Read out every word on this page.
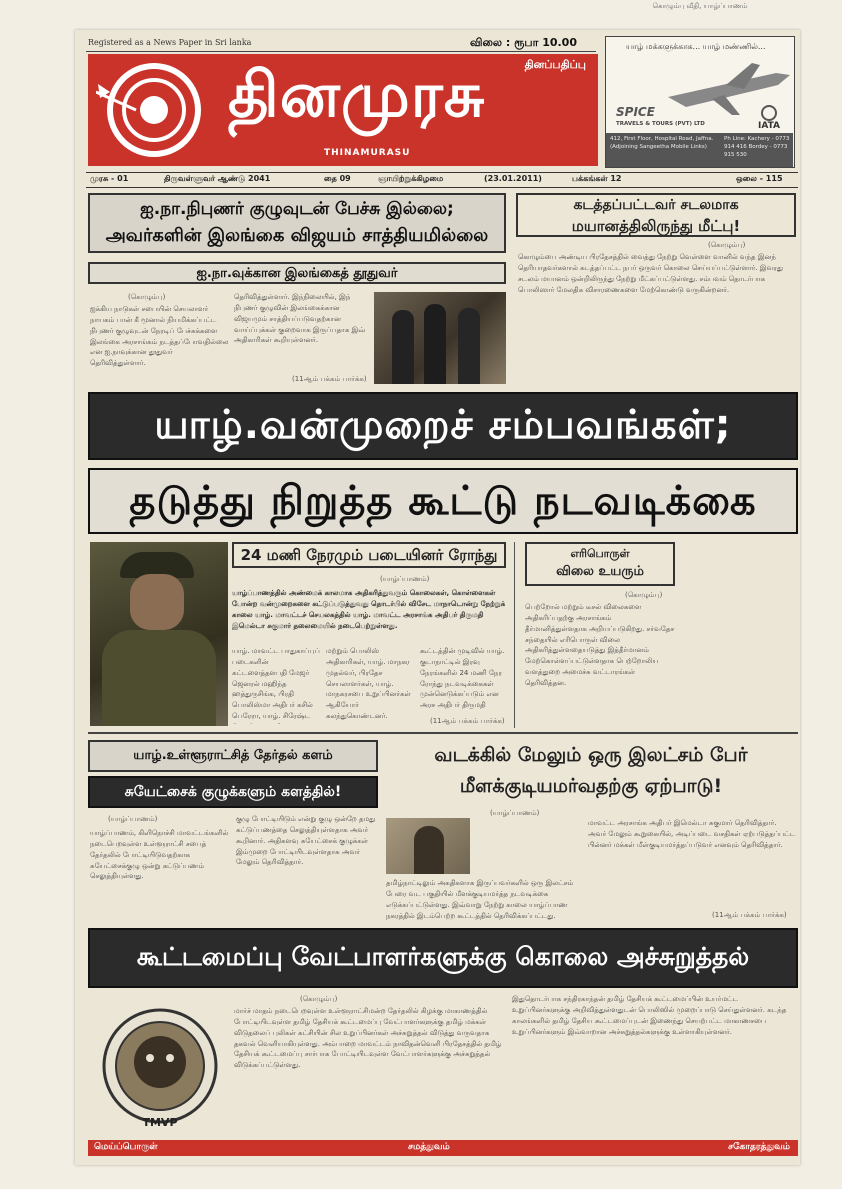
கொழும்பு வீதி, யாழ்ப்பாணம்
Registered as a News Paper in Sri lanka	விலை : ரூபா 10.00
தினப்பதிப்பு
தினமுரசு
THINAMURASU
யாழ் மக்களுக்காக... யாழ் மண்ணில்...
SPICE
TRAVELS & TOURS (PVT) LTD	IATA
412, First Floor, Hospital Road, Jaffna. (Adjoining Sangeetha Mobile Links)
Ph Line: Kachery - 0773 914 416 Bordey - 0773 915 530
முரசு - 01	திருவள்ளுவர் ஆண்டு 2041	தை 09	ஞாயிற்றுக்கிழமை	(23.01.2011)	பக்கங்கள் 12	ஒலை - 115
ஐ.நா.நிபுணர் குழுவுடன் பேச்சு இல்லை;
அவர்களின் இலங்கை விஜயம் சாத்தியமில்லை
ஐ.நா.வுக்கான இலங்கைத் தூதுவர்
(கொழும்பு)
ஐக்கிய நாடுகள் சபையின் செயலாளர் நாயகம் பான் கீ மூனால் நியமிக்கப்பட்ட நிபுணர் குழுவுடன் நேரடிப் பேச்சுக்களை இலங்கை அரசாங்கம் நடத்தப்போவதில்லை என ஐ.நாவுக்கான தூதுவர் தெரிவித்துள்ளார்.
தெரிவித்துள்ளார். இந்நிலையில், இந் நிபுணர் குழுவின் இலங்கைக்கான விஜயமும் சாத்தியப்படுவதற்கான வாய்ப்புக்கள் குறைவாக இருப்பதாக இவ் அதிகாரிகள் கூறியுள்ளனர்.
(11ஆம் பக்கம் பார்க்க)
கடத்தப்பட்டவர் சடலமாக
மயானத்திலிருந்து மீட்பு!
(கொழும்பு)
கொழும்பை அண்டிய பிரதேசத்தில் வைத்து நேற்று வெள்ளை வானில் வந்த இனந் தெரியாதவர்களால் கடத்தப்பட்ட நபர் ஒருவர் கொலை செய்யப்பட்டுள்ளார். இவரது சடலம் மயானம் ஒன்றிலிருந்து நேற்று மீட்கப்பட்டுள்ளது. சம்பவம் தொடர்பாக பொலிஸார் மேலதிக விசாரணைகளை மேற்கொண்டு வருகின்றனர்.
யாழ்.வன்முறைச் சம்பவங்கள்;
தடுத்து நிறுத்த கூட்டு நடவடிக்கை
24 மணி நேரமும் படையினர் ரோந்து
(யாழ்ப்பாணம்)
யாழ்ப்பாணத்தில் அண்மைக் காலமாக அதிகரித்துவரும் கொலைகள், கொள்ளைகள் போன்ற வன்முறைகளை கட்டுப்படுத்துவது தொடர்பில் விசேட மாநாடொன்று நேற்றுக் காலை யாழ். மாவட்டச் செயலகத்தில் யாழ். மாவட்ட அரசாங்க அதிபர் திருமதி இமெல்டா சுகுமார் தலைமையில் நடைபெற்றுள்ளது.
யாழ். மாவட்ட பாதுகாப்புப் படைகளின் கட்டளைத்தளபதி மேஜர் ஜெனரல் மஹிந்த ஹத்துருசிங்க, பிரதி பொலிஸ்மா அதிபர் கசில் பெரேரா, யாழ். சிரேஷ்ட
மற்றும் பொலிஸ் அதிகாரிகள், யாழ். மாநகர முதல்வர், பிரதேச செயலாளர்கள், யாழ். மாநகரசபை உறுப்பினர்கள் ஆகியோர் கலந்துகொண்டனர்.
கூட்டத்தின் முடிவில் யாழ். குடாநாட்டில் இரவு நேரங்களில் 24 மணி நேர ரோந்து நடவடிக்கைகள் முன்னெடுக்கப்படும் என அரச அதிபர் திருமதி
(11ஆம் பக்கம் பார்க்க)
எரிபொருள்
விலை உயரும்
(கொழும்பு)
பெற்றோல் மற்றும் டீசல் விலைகளை அதிகரிப்பதற்கு அரசாங்கம் தீர்மானித்துள்ளதாக அறியப்படுகிறது. சர்வதேச சந்தையில் எரிபொருள் விலை அதிகரித்துள்ளதையடுத்து இத்தீர்மானம் மேற்கொள்ளப்பட்டுள்ளதாக பெற்றோலிய வளத்துறை அமைச்சு வட்டாரங்கள் தெரிவித்தன.
யாழ்.உள்ளூராட்சித் தேர்தல் களம்
சுயேட்சைக் குழுக்களும் களத்தில்!
(யாழ்ப்பாணம்)
யாழ்ப்பாணம், கிளிநொச்சி மாவட்டங்களில் நடைபெறவுள்ள உள்ளூராட்சி சபைத் தேர்தலில் போட்டியிடுவதற்காக சுயேட்சைக்குழு ஒன்று கட்டுப்பணம் செலுத்தியுள்ளது.
குழு போட்டியிடும் என்று குழு ஒன்றே தமது கட்டுப்பணத்தை செலுத்தியுள்ளதாக அவர் கூறினார். அதிகளவு சுயேட்சைக் குழுக்கள் இம்முறை போட்டியிடவுள்ளதாக அவர் மேலும் தெரிவித்தார்.
வடக்கில் மேலும் ஒரு இலட்சம் பேர்
மீளக்குடியமர்வதற்கு ஏற்பாடு!
(யாழ்ப்பாணம்)
தமிழ்நாட்டிலும் அகதிகளாக இருப்பவர்களில் ஒரு இலட்சம் பேரை வட பகுதியில் மீளக்குடியமர்த்த நடவடிக்கை எடுக்கப்பட்டுள்ளது. இவ்வாறு நேற்று காலை யாழ்ப்பாண நகரத்தில் இடம்பெற்ற கூட்டத்தில் தெரிவிக்கப்பட்டது.
மாவட்ட அரசாங்க அதிபர் இமெல்டா சுகுமார் தெரிவித்தார். அவர் மேலும் கூறுகையில், அடிப்படை வசதிகள் ஏற்படுத்தப்பட்ட பின்னர் மக்கள் மீள்குடியமர்த்தப்படுவர் எனவும் தெரிவித்தார்.
(11ஆம் பக்கம் பார்க்க)
கூட்டமைப்பு வேட்பாளர்களுக்கு கொலை அச்சுறுத்தல்
(கொழும்பு)
TMVP
மார்ச் மாதம் நடைபெறவுள்ள உள்ளூராட்சிமன்ற தேர்தலில் கிழக்கு மாகாணத்தில் போட்டியிடவுள்ள தமிழ் தேசியக் கூட்டமைப்பு வேட்பாளர்களுக்கு தமிழ் மக்கள் விடுதலைப் புலிகள் கட்சியின் சில உறுப்பினர்கள் அச்சுறுத்தல் விடுத்து வருவதாக தகவல் வெளியாகியுள்ளது. அம்பாறை மாவட்டம் நாவிதன்வெளி பிரதேசத்தில் தமிழ் தேசியக் கூட்டமைப்பு சார்பாக போட்டியிடவுள்ள வேட்பாளர்களுக்கு அச்சுறுத்தல் விடுக்கப்பட்டுள்ளது.
இதுதொடர்பாக சந்திரகாந்தன் தமிழ் தேசியக் கூட்டமைப்பின் உயர்மட்ட உறுப்பினர்களுக்கு அறிவித்துள்ளதுடன் பொலிஸில் முறைப்பாடு செய்துள்ளனர். கடந்த காலங்களில் தமிழ் தேசிய கூட்டமைப்புடன் இணைந்து செயற்பட்ட மாகாணசபை உறுப்பினர்களும் இவ்வாறான அச்சுறுத்தல்களுக்கு உள்ளாகியுள்ளனர்.
மெய்ப்பொருள்	சமத்துவம்	சகோதரத்துவம்
